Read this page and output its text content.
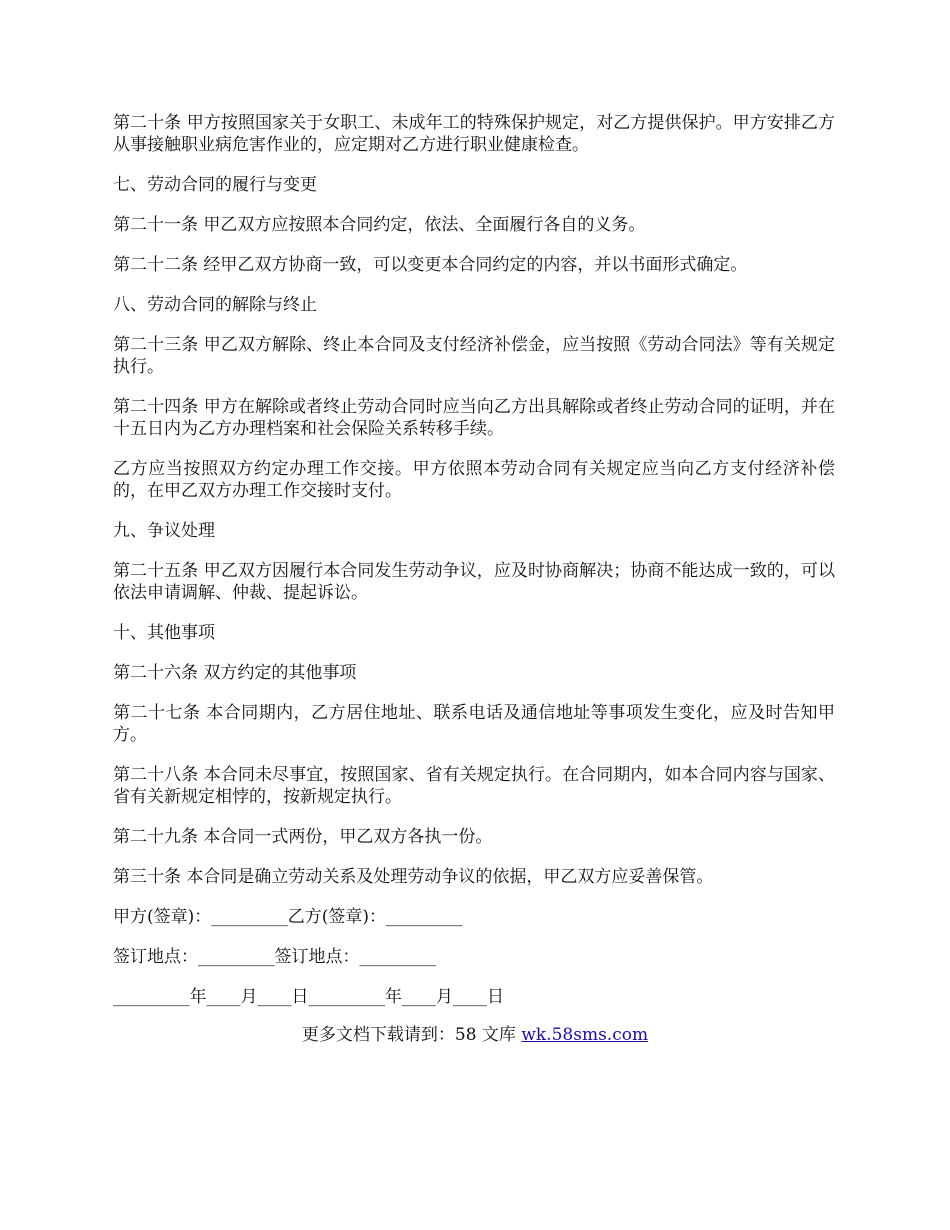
第二十条 甲方按照国家关于女职工、未成年工的特殊保护规定，对乙方提供保护。甲方安排乙方从事接触职业病危害作业的，应定期对乙方进行职业健康检查。

七、劳动合同的履行与变更

第二十一条 甲乙双方应按照本合同约定，依法、全面履行各自的义务。

第二十二条 经甲乙双方协商一致，可以变更本合同约定的内容，并以书面形式确定。

八、劳动合同的解除与终止

第二十三条 甲乙双方解除、终止本合同及支付经济补偿金，应当按照《劳动合同法》等有关规定执行。

第二十四条 甲方在解除或者终止劳动合同时应当向乙方出具解除或者终止劳动合同的证明，并在十五日内为乙方办理档案和社会保险关系转移手续。

乙方应当按照双方约定办理工作交接。甲方依照本劳动合同有关规定应当向乙方支付经济补偿的，在甲乙双方办理工作交接时支付。

九、争议处理

第二十五条 甲乙双方因履行本合同发生劳动争议，应及时协商解决；协商不能达成一致的，可以依法申请调解、仲裁、提起诉讼。

十、其他事项

第二十六条 双方约定的其他事项

第二十七条 本合同期内，乙方居住地址、联系电话及通信地址等事项发生变化，应及时告知甲方。

第二十八条 本合同未尽事宜，按照国家、省有关规定执行。在合同期内，如本合同内容与国家、省有关新规定相悖的，按新规定执行。

第二十九条 本合同一式两份，甲乙双方各执一份。

第三十条 本合同是确立劳动关系及处理劳动争议的依据，甲乙双方应妥善保管。

甲方(签章)：_________乙方(签章)：_________

签订地点：_________签订地点：_________

_________年____月____日_________年____月____日

更多文档下载请到：58 文库 wk.58sms.com
